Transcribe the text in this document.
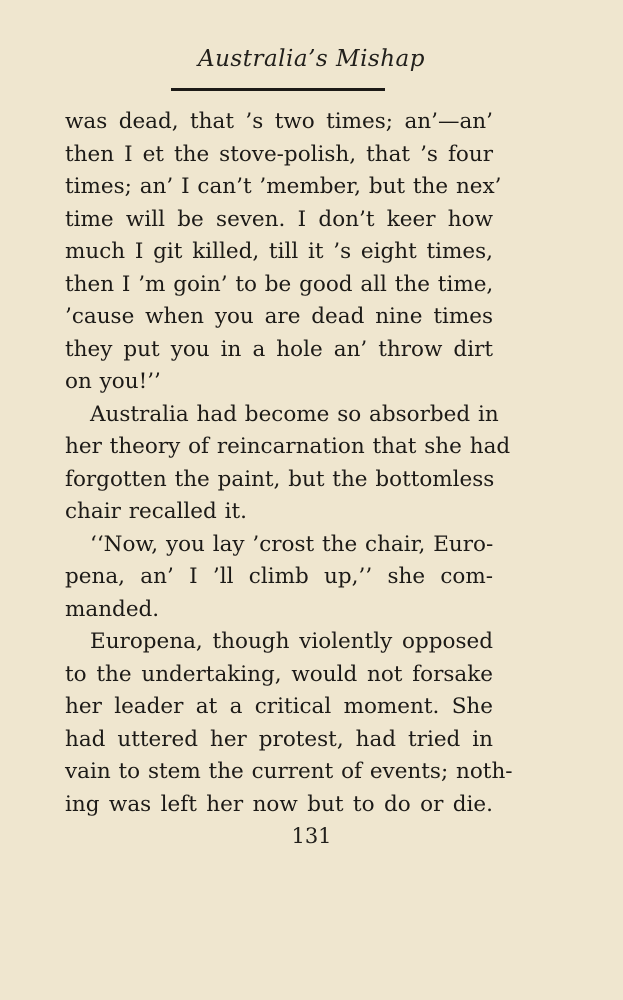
Australia’s Mishap
was dead, that ’s two times; an’—an’
then I et the stove-polish, that ’s four
times; an’ I can’t ’member, but the nex’
time will be seven. I don’t keer how
much I git killed, till it ’s eight times,
then I ’m goin’ to be good all the time,
’cause when you are dead nine times
they put you in a hole an’ throw dirt
on you!’’
Australia had become so absorbed in
her theory of reincarnation that she had
forgotten the paint, but the bottomless
chair recalled it.
‘‘Now, you lay ’crost the chair, Euro-
pena, an’ I ’ll climb up,’’ she com-
manded.
Europena, though violently opposed
to the undertaking, would not forsake
her leader at a critical moment. She
had uttered her protest, had tried in
vain to stem the current of events; noth-
ing was left her now but to do or die.
131
